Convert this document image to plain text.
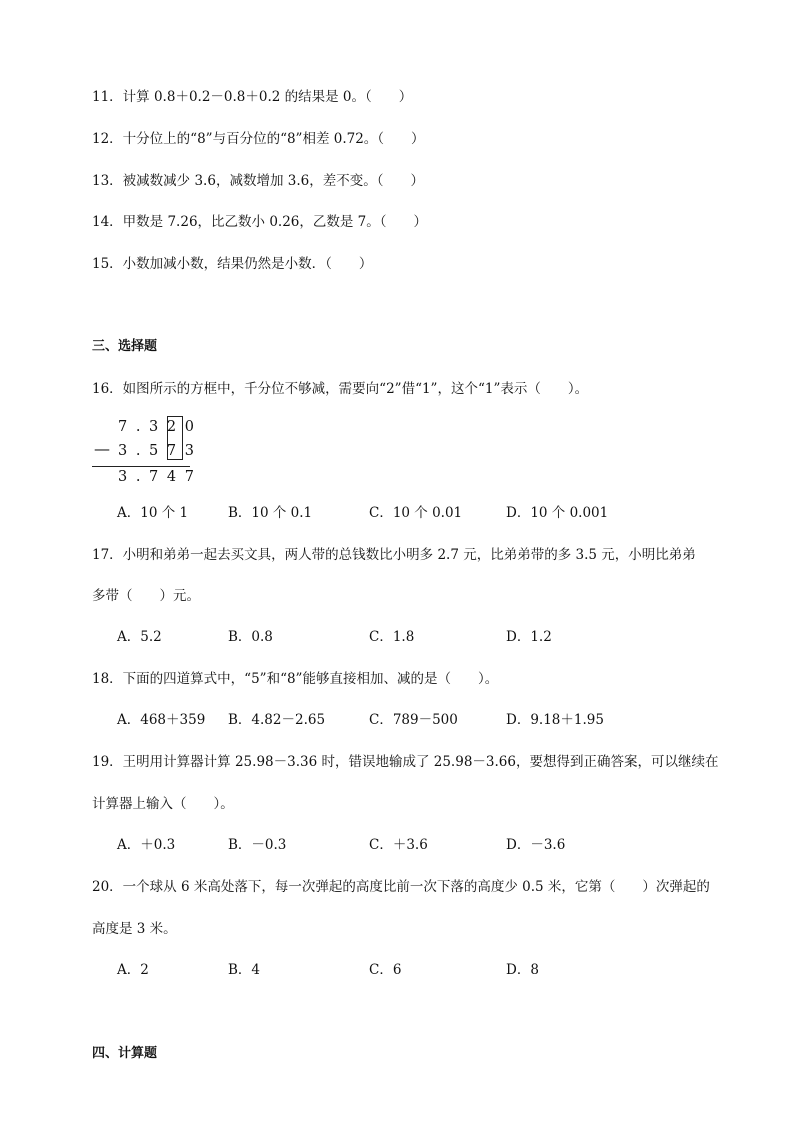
11．计算 0.8＋0.2－0.8＋0.2 的结果是 0。（　　）
12．十分位上的“8”与百分位的“8”相差 0.72。（　　）
13．被减数减少 3.6，减数增加 3.6，差不变。（　　）
14．甲数是 7.26，比乙数小 0.26，乙数是 7。（　　）
15．小数加减小数，结果仍然是小数．（　　）
三、选择题
16．如图所示的方框中，千分位不够减，需要向“2”借“1”，这个“1”表示（　　）。
7 . 3 2 0
— 3 . 5 7 3
3 . 7 4 7
A．10 个 1	B．10 个 0.1	C．10 个 0.01	D．10 个 0.001
17．小明和弟弟一起去买文具，两人带的总钱数比小明多 2.7 元，比弟弟带的多 3.5 元，小明比弟弟
多带（　　）元。
A．5.2	B．0.8	C．1.8	D．1.2
18．下面的四道算式中，“5”和“8”能够直接相加、减的是（　　）。
A．468＋359 B．4.82－2.65	C．789－500	D．9.18＋1.95
19．王明用计算器计算 25.98－3.36 时，错误地输成了 25.98－3.66，要想得到正确答案，可以继续在
计算器上输入（　　）。
A．＋0.3	B．－0.3	C．＋3.6	D．－3.6
20．一个球从 6 米高处落下，每一次弹起的高度比前一次下落的高度少 0.5 米，它第（　　）次弹起的
高度是 3 米。
A．2	B．4	C．6	D．8
四、计算题
